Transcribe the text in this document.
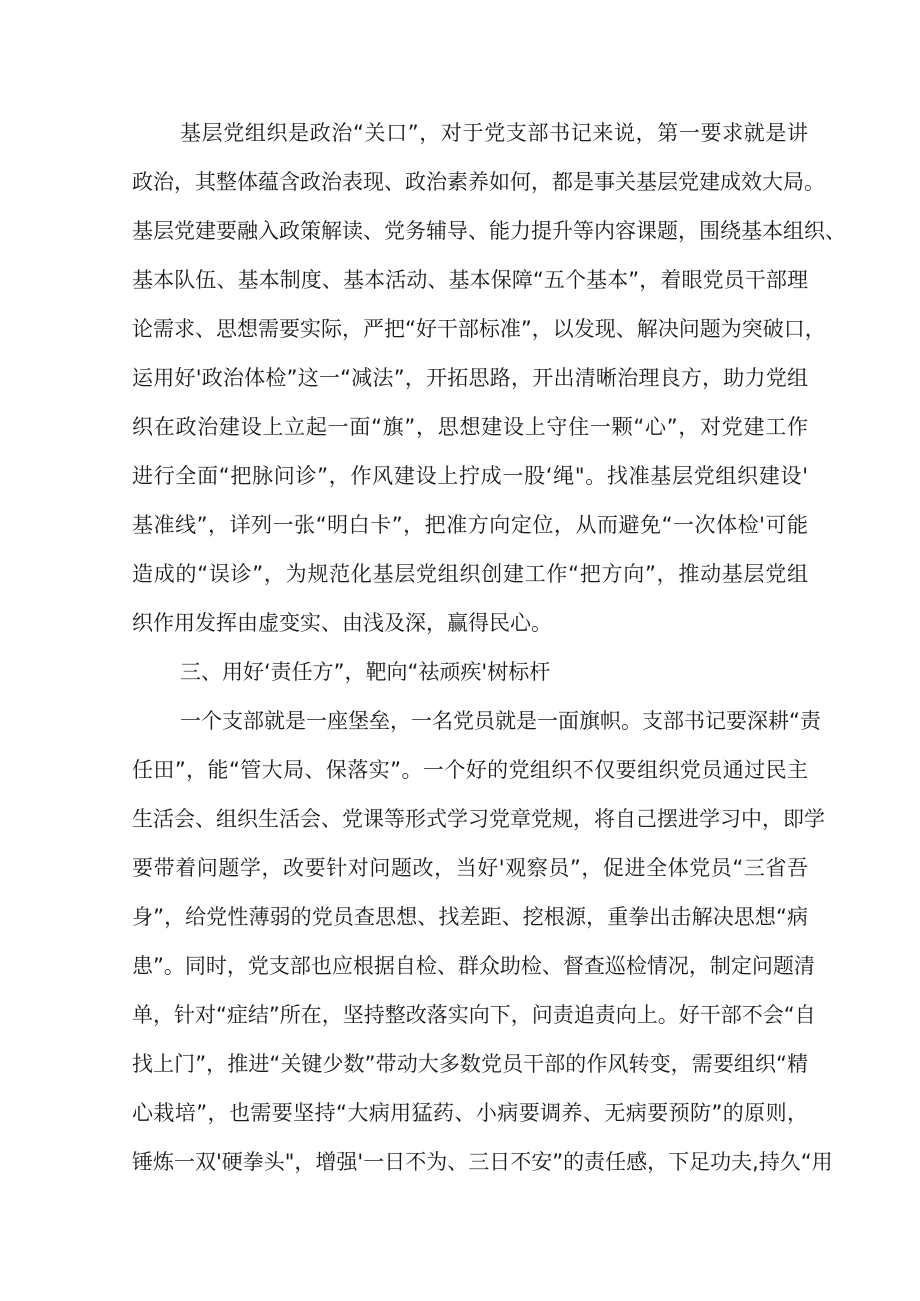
基层党组织是政治“关口”，对于党支部书记来说，第一要求就是讲
政治，其整体蕴含政治表现、政治素养如何，都是事关基层党建成效大局。
基层党建要融入政策解读、党务辅导、能力提升等内容课题，围绕基本组织、
基本队伍、基本制度、基本活动、基本保障“五个基本”，着眼党员干部理
论需求、思想需要实际，严把“好干部标准”，以发现、解决问题为突破口，
运用好'政治体检”这一“减法”，开拓思路，开出清晰治理良方，助力党组
织在政治建设上立起一面“旗”，思想建设上守住一颗“心”，对党建工作
进行全面“把脉问诊”，作风建设上拧成一股‘绳"。找准基层党组织建设'
基准线”，详列一张“明白卡”，把准方向定位，从而避免“一次体检'可能
造成的“误诊”，为规范化基层党组织创建工作“把方向”，推动基层党组
织作用发挥由虚变实、由浅及深，赢得民心。
三、用好‘责任方”，靶向“祛顽疾'树标杆
一个支部就是一座堡垒，一名党员就是一面旗帜。支部书记要深耕“责
任田”，能“管大局、保落实”。一个好的党组织不仅要组织党员通过民主
生活会、组织生活会、党课等形式学习党章党规，将自己摆进学习中，即学
要带着问题学，改要针对问题改，当好'观察员”，促进全体党员“三省吾
身”，给党性薄弱的党员查思想、找差距、挖根源，重拳出击解决思想“病
患”。同时，党支部也应根据自检、群众助检、督查巡检情况，制定问题清
单，针对“症结”所在，坚持整改落实向下，问责追责向上。好干部不会“自
找上门”，推进“关键少数”带动大多数党员干部的作风转变，需要组织“精
心栽培”，也需要坚持“大病用猛药、小病要调养、无病要预防”的原则，
锤炼一双'硬拳头"，增强'一日不为、三日不安”的责任感，下足功夫,持久“用
